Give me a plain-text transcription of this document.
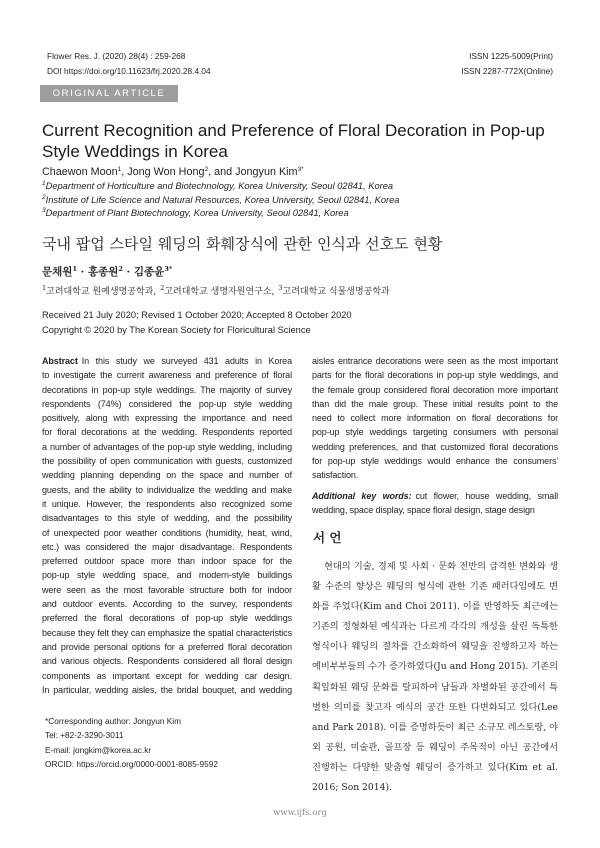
Flower Res. J. (2020) 28(4) : 259-268
DOI https://doi.org/10.11623/frj.2020.28.4.04
ISSN 1225-5009(Print)
ISSN 2287-772X(Online)
ORIGINAL ARTICLE
Current Recognition and Preference of Floral Decoration in Pop-up Style Weddings in Korea
Chaewon Moon$^1$, Jong Won Hong$^2$, and Jongyun Kim$^{3*}$
$^1$Department of Horticulture and Biotechnology, Korea University, Seoul 02841, Korea
$^2$Institute of Life Science and Natural Resources, Korea University, Seoul 02841, Korea
$^3$Department of Plant Biotechnology, Korea University, Seoul 02841, Korea
국내 팝업 스타일 웨딩의 화훼장식에 관한 인식과 선호도 현황
문채원$^1$ · 홍종원$^2$ · 김종윤$^{3*}$
$^1$고려대학교 원예생명공학과, $^2$고려대학교 생명자원연구소, $^3$고려대학교 식물생명공학과
Received 21 July 2020; Revised 1 October 2020; Accepted 8 October 2020
Copyright © 2020 by The Korean Society for Floricultural Science
Abstract In this study we surveyed 431 adults in Korea
to investigate the current awareness and preference of floral
decorations in pop-up style weddings. The majority of survey
respondents (74%) considered the pop-up style wedding
positively, along with expressing the importance and need
for floral decorations at the wedding. Respondents reported
a number of advantages of the pop-up style wedding, including
the possibility of open communication with guests, customized
wedding planning depending on the space and number of
guests, and the ability to individualize the wedding and make
it unique. However, the respondents also recognized some
disadvantages to this style of wedding, and the possibility
of unexpected poor weather conditions (humidity, heat, wind,
etc.) was considered the major disadvantage. Respondents
preferred outdoor space more than indoor space for the
pop-up style wedding space, and modern-style buildings
were seen as the most favorable structure both for indoor
and outdoor events. According to the survey, respondents
preferred the floral decorations of pop-up style weddings
because they felt they can emphasize the spatial characteristics
and provide personal options for a preferred floral decoration
and various objects. Respondents considered all floral design
components as important except for wedding car design.
In particular, wedding aisles, the bridal bouquet, and wedding
aisles entrance decorations were seen as the most important
parts for the floral decorations in pop-up style weddings, and
the female group considered floral decoration more important
than did the male group. These initial results point to the
need to collect more information on floral decorations for
pop-up style weddings targeting consumers with personal
wedding preferences, and that customized floral decorations
for pop-up style weddings would enhance the consumers'
satisfaction.
Additional key words: cut flower, house wedding, small
wedding, space display, space floral design, stage design
서 언
현대의 기술, 경제 및 사회 · 문화 전반의 급격한 변화와 생
활 수준의 향상은 웨딩의 형식에 관한 기존 패러다임에도 변
화를 주었다(Kim and Choi 2011). 이를 반영하듯 최근에는
기존의 정형화된 예식과는 다르게 각각의 개성을 살린 독특한
형식이나 웨딩의 절차를 간소화하여 웨딩을 진행하고자 하는
예비부부들의 수가 증가하였다(Ju and Hong 2015). 기존의
획일화된 웨딩 문화를 탈피하여 남들과 차별화된 공간에서 특
별한 의미를 찾고자 예식의 공간 또한 다변화되고 있다(Lee
and Park 2018). 이를 증명하듯이 최근 소규모 레스토랑, 야
외 공원, 미술관, 골프장 등 웨딩이 주목적이 아닌 공간에서
진행하는 다양한 맞춤형 웨딩이 증가하고 있다(Kim et al.
2016; Son 2014).
*Corresponding author: Jongyun Kim
Tel: +82-2-3290-3011
E-mail: jongkim@korea.ac.kr
ORCID: https://orcid.org/0000-0001-8085-9592
www.ijfs.org
